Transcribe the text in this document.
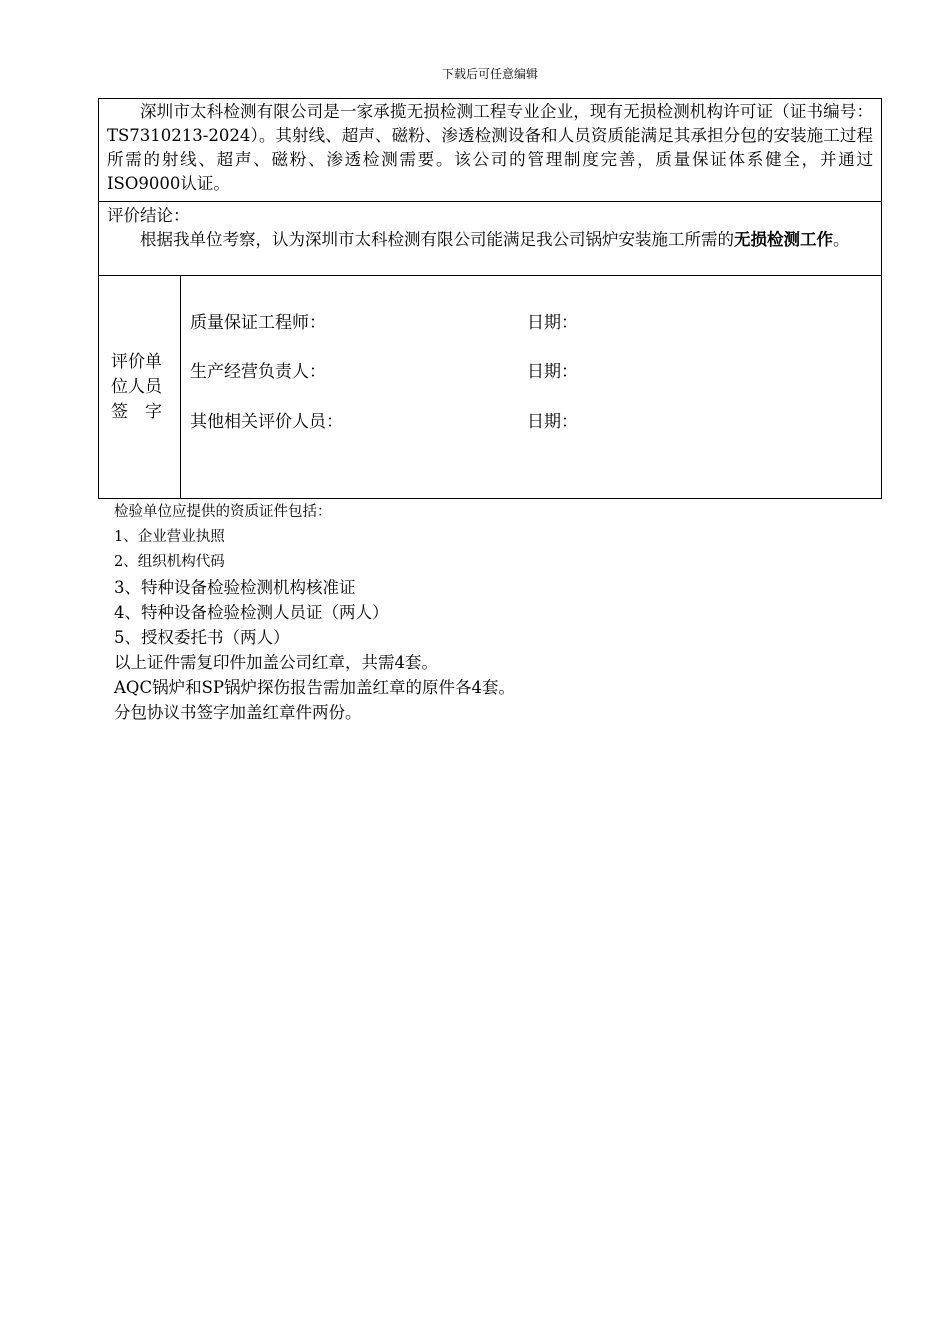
下载后可任意编辑
深圳市太科检测有限公司是一家承揽无损检测工程专业企业，现有无损检测机构许可证（证书编号：TS7310213-2024）。其射线、超声、磁粉、渗透检测设备和人员资质能满足其承担分包的安装施工过程所需的射线、超声、磁粉、渗透检测需要。该公司的管理制度完善，质量保证体系健全，并通过ISO9000认证。
评价结论：

根据我单位考察，认为深圳市太科检测有限公司能满足我公司锅炉安装施工所需的无损检测工作。

评价单位人员签　字
质量保证工程师：	日期：
生产经营负责人：	日期：
其他相关评价人员：	日期：
检验单位应提供的资质证件包括：
1、企业营业执照
2、组织机构代码
3、特种设备检验检测机构核准证
4、特种设备检验检测人员证（两人）
5、授权委托书（两人）
以上证件需复印件加盖公司红章，共需4套。
AQC锅炉和SP锅炉探伤报告需加盖红章的原件各4套。
分包协议书签字加盖红章件两份。
